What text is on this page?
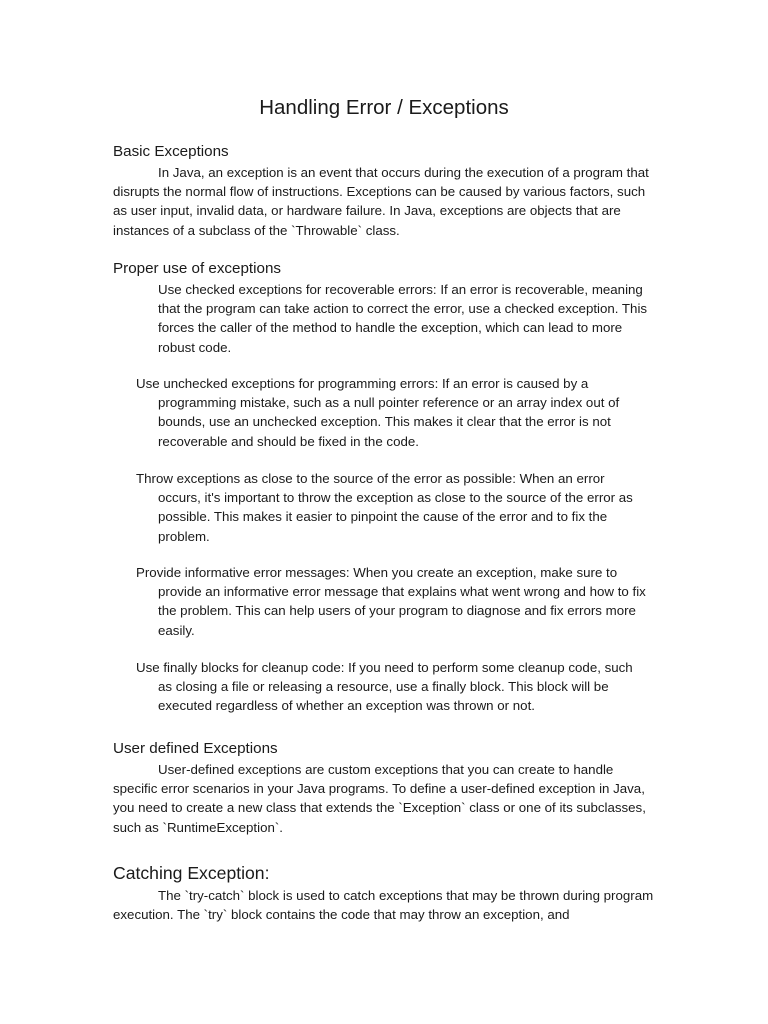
Handling Error / Exceptions
Basic Exceptions

In Java, an exception is an event that occurs during the execution of a program that disrupts the normal flow of instructions. Exceptions can be caused by various factors, such as user input, invalid data, or hardware failure. In Java, exceptions are objects that are instances of a subclass of the `Throwable` class.

Proper use of exceptions

Use checked exceptions for recoverable errors: If an error is recoverable, meaning that the program can take action to correct the error, use a checked exception. This forces the caller of the method to handle the exception, which can lead to more robust code.

Use unchecked exceptions for programming errors: If an error is caused by a programming mistake, such as a null pointer reference or an array index out of bounds, use an unchecked exception. This makes it clear that the error is not recoverable and should be fixed in the code.

Throw exceptions as close to the source of the error as possible: When an error occurs, it's important to throw the exception as close to the source of the error as possible. This makes it easier to pinpoint the cause of the error and to fix the problem.

Provide informative error messages: When you create an exception, make sure to provide an informative error message that explains what went wrong and how to fix the problem. This can help users of your program to diagnose and fix errors more easily.

Use finally blocks for cleanup code: If you need to perform some cleanup code, such as closing a file or releasing a resource, use a finally block. This block will be executed regardless of whether an exception was thrown or not.

User defined Exceptions

User-defined exceptions are custom exceptions that you can create to handle specific error scenarios in your Java programs. To define a user-defined exception in Java, you need to create a new class that extends the `Exception` class or one of its subclasses, such as `RuntimeException`.

Catching Exception:

The `try-catch` block is used to catch exceptions that may be thrown during program execution. The `try` block contains the code that may throw an exception, and
